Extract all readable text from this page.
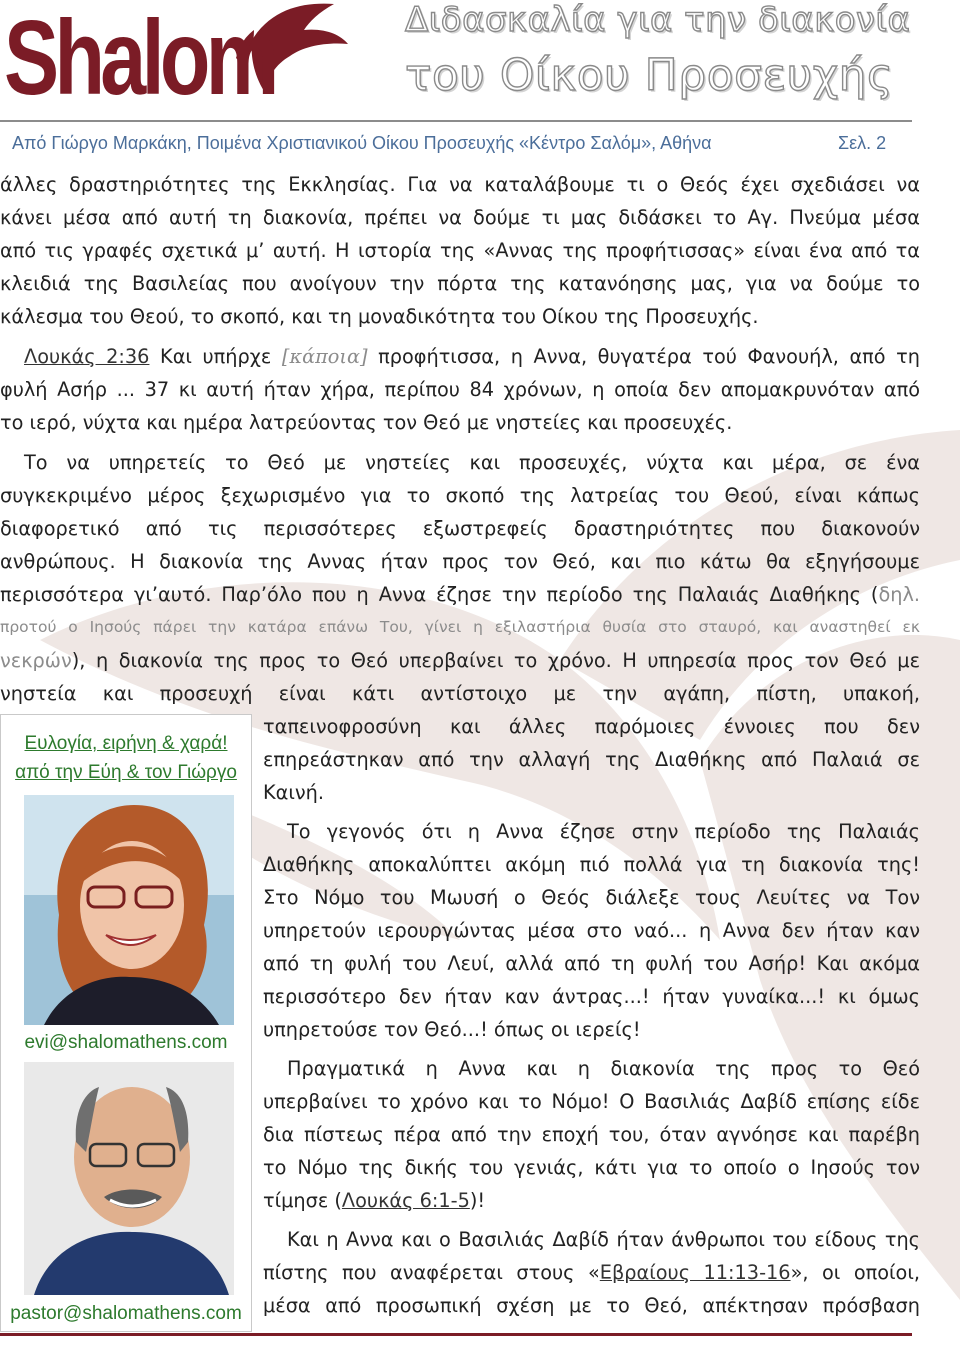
Shalom	Διδασκαλία για την διακονία
του Οίκου Προσευχής
Από Γιώργο Μαρκάκη, Ποιμένα Χριστιανικού Οίκου Προσευχής «Κέντρο Σαλόμ», Αθήνα	Σελ. 2
άλλες δραστηριότητες της Εκκλησίας. Για να καταλάβουμε τι ο Θεός έχει σχεδιάσει να
κάνει μέσα από αυτή τη διακονία, πρέπει να δούμε τι μας διδάσκει το Αγ. Πνεύμα μέσα
από τις γραφές σχετικά μ’ αυτή. Η ιστορία της «Αννας της προφήτισσας» είναι ένα από τα
κλειδιά της Βασιλείας που ανοίγουν την πόρτα της κατανόησης μας, για να δούμε το
κάλεσμα του Θεού, το σκοπό, και τη μοναδικότητα του Οίκου της Προσευχής.
Λουκάς 2:36 Και υπήρχε [κάποια] προφήτισσα, η Αννα, θυγατέρα τού Φανουήλ, από τη
φυλή Ασήρ ... 37 κι αυτή ήταν χήρα, περίπου 84 χρόνων, η οποία δεν απομακρυνόταν από
το ιερό, νύχτα και ημέρα λατρεύοντας τον Θεό με νηστείες και προσευχές.
Το να υπηρετείς το Θεό με νηστείες και προσευχές, νύχτα και μέρα, σε ένα
συγκεκριμένο μέρος ξεχωρισμένο για το σκοπό της λατρείας του Θεού, είναι κάπως
διαφορετικό από τις περισσότερες εξωστρεφείς δραστηριότητες που διακονούν
ανθρώπους. Η διακονία της Αννας ήταν προς τον Θεό, και πιο κάτω θα εξηγήσουμε
περισσότερα γι’αυτό. Παρ’όλο που η Αννα έζησε την περίοδο της Παλαιάς Διαθήκης (δηλ.
προτού ο Ιησούς πάρει την κατάρα επάνω Του, γίνει η εξιλαστήρια θυσία στο σταυρό, και αναστηθεί εκ
νεκρών), η διακονία της προς το Θεό υπερβαίνει το χρόνο. Η υπηρεσία προς τον Θεό με
νηστεία και προσευχή είναι κάτι αντίστοιχο με την αγάπη, πίστη, υπακοή,
ταπεινοφροσύνη και άλλες παρόμοιες έννοιες που δεν
επηρεάστηκαν από την αλλαγή της Διαθήκης από Παλαιά σε
Καινή.
Το γεγονός ότι η Αννα έζησε στην περίοδο της Παλαιάς
Διαθήκης αποκαλύπτει ακόμη πιό πολλά για τη διακονία της!
Στο Νόμο του Μωυσή ο Θεός διάλεξε τους Λευίτες να Τον
υπηρετούν ιερουργώντας μέσα στο ναό... η Αννα δεν ήταν καν
από τη φυλή του Λευί, αλλά από τη φυλή του Ασήρ! Και ακόμα
περισσότερο δεν ήταν καν άντρας...! ήταν γυναίκα...! κι όμως
υπηρετούσε τον Θεό...! όπως οι ιερείς!
Πραγματικά η Αννα και η διακονία της προς το Θεό
υπερβαίνει το χρόνο και το Νόμο! Ο Βασιλιάς Δαβίδ επίσης είδε
δια πίστεως πέρα από την εποχή του, όταν αγνόησε και παρέβη
το Νόμο της δικής του γενιάς, κάτι για το οποίο ο Ιησούς τον
τίμησε (Λουκάς 6:1-5)!
Και η Αννα και ο Βασιλιάς Δαβίδ ήταν άνθρωποι του είδους της
πίστης που αναφέρεται στους «Εβραίους 11:13-16», οι οποίοι,
μέσα από προσωπική σχέση με το Θεό, απέκτησαν πρόσβαση
Ευλογία, ειρήνη & χαρά!
από την Εύη & τον Γιώργο
evi@shalomathens.com
pastor@shalomathens.com
